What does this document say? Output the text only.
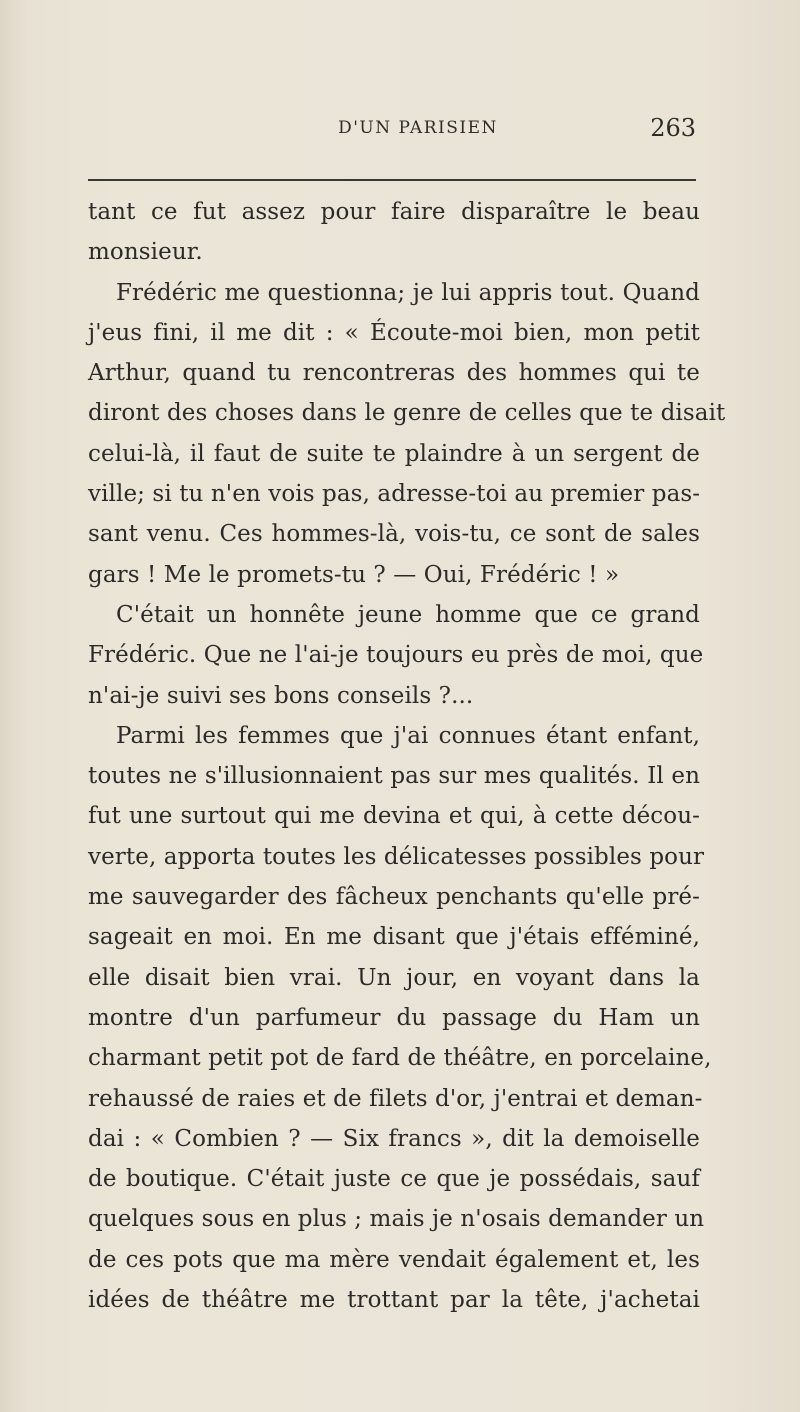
D'UN PARISIEN	263
tant ce fut assez pour faire disparaître le beau
monsieur.
Frédéric me questionna; je lui appris tout. Quand
j'eus fini, il me dit : « Écoute-moi bien, mon petit
Arthur, quand tu rencontreras des hommes qui te
diront des choses dans le genre de celles que te disait
celui-là, il faut de suite te plaindre à un sergent de
ville; si tu n'en vois pas, adresse-toi au premier pas-
sant venu. Ces hommes-là, vois-tu, ce sont de sales
gars ! Me le promets-tu ? — Oui, Frédéric ! »
C'était un honnête jeune homme que ce grand
Frédéric. Que ne l'ai-je toujours eu près de moi, que
n'ai-je suivi ses bons conseils ?...
Parmi les femmes que j'ai connues étant enfant,
toutes ne s'illusionnaient pas sur mes qualités. Il en
fut une surtout qui me devina et qui, à cette décou-
verte, apporta toutes les délicatesses possibles pour
me sauvegarder des fâcheux penchants qu'elle pré-
sageait en moi. En me disant que j'étais efféminé,
elle disait bien vrai. Un jour, en voyant dans la
montre d'un parfumeur du passage du Ham un
charmant petit pot de fard de théâtre, en porcelaine,
rehaussé de raies et de filets d'or, j'entrai et deman-
dai : « Combien ? — Six francs », dit la demoiselle
de boutique. C'était juste ce que je possédais, sauf
quelques sous en plus ; mais je n'osais demander un
de ces pots que ma mère vendait également et, les
idées de théâtre me trottant par la tête, j'achetai
